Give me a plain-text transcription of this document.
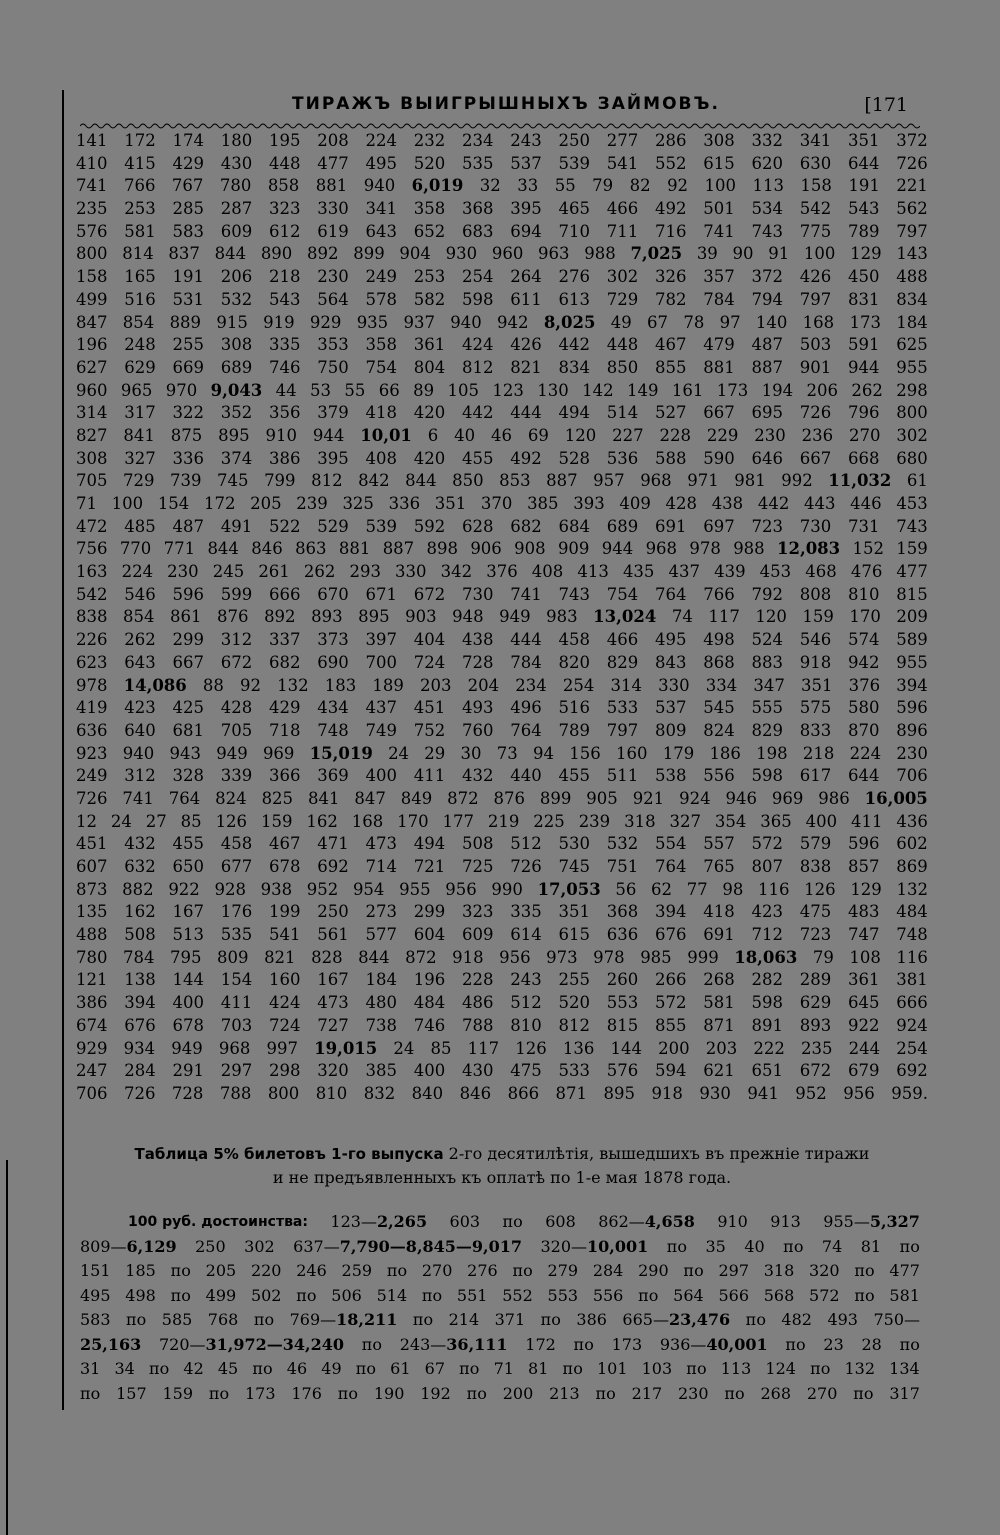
ТИРАЖЪ ВЫИГРЫШНЫХЪ ЗАЙМОВЪ.	[171
141 172 174 180 195 208 224 232 234 243 250 277 286 308 332 341 351 372
410 415 429 430 448 477 495 520 535 537 539 541 552 615 620 630 644 726
741 766 767 780 858 881 940 6,019 32 33 55 79 82 92 100 113 158 191 221
235 253 285 287 323 330 341 358 368 395 465 466 492 501 534 542 543 562
576 581 583 609 612 619 643 652 683 694 710 711 716 741 743 775 789 797
800 814 837 844 890 892 899 904 930 960 963 988 7,025 39 90 91 100 129 143
158 165 191 206 218 230 249 253 254 264 276 302 326 357 372 426 450 488
499 516 531 532 543 564 578 582 598 611 613 729 782 784 794 797 831 834
847 854 889 915 919 929 935 937 940 942 8,025 49 67 78 97 140 168 173 184
196 248 255 308 335 353 358 361 424 426 442 448 467 479 487 503 591 625
627 629 669 689 746 750 754 804 812 821 834 850 855 881 887 901 944 955
960 965 970 9,043 44 53 55 66 89 105 123 130 142 149 161 173 194 206 262 298
314 317 322 352 356 379 418 420 442 444 494 514 527 667 695 726 796 800
827 841 875 895 910 944 10,01 6 40 46 69 120 227 228 229 230 236 270 302
308 327 336 374 386 395 408 420 455 492 528 536 588 590 646 667 668 680
705 729 739 745 799 812 842 844 850 853 887 957 968 971 981 992 11,032 61
71 100 154 172 205 239 325 336 351 370 385 393 409 428 438 442 443 446 453
472 485 487 491 522 529 539 592 628 682 684 689 691 697 723 730 731 743
756 770 771 844 846 863 881 887 898 906 908 909 944 968 978 988 12,083 152 159
163 224 230 245 261 262 293 330 342 376 408 413 435 437 439 453 468 476 477
542 546 596 599 666 670 671 672 730 741 743 754 764 766 792 808 810 815
838 854 861 876 892 893 895 903 948 949 983 13,024 74 117 120 159 170 209
226 262 299 312 337 373 397 404 438 444 458 466 495 498 524 546 574 589
623 643 667 672 682 690 700 724 728 784 820 829 843 868 883 918 942 955
978 14,086 88 92 132 183 189 203 204 234 254 314 330 334 347 351 376 394
419 423 425 428 429 434 437 451 493 496 516 533 537 545 555 575 580 596
636 640 681 705 718 748 749 752 760 764 789 797 809 824 829 833 870 896
923 940 943 949 969 15,019 24 29 30 73 94 156 160 179 186 198 218 224 230
249 312 328 339 366 369 400 411 432 440 455 511 538 556 598 617 644 706
726 741 764 824 825 841 847 849 872 876 899 905 921 924 946 969 986 16,005
12 24 27 85 126 159 162 168 170 177 219 225 239 318 327 354 365 400 411 436
451 432 455 458 467 471 473 494 508 512 530 532 554 557 572 579 596 602
607 632 650 677 678 692 714 721 725 726 745 751 764 765 807 838 857 869
873 882 922 928 938 952 954 955 956 990 17,053 56 62 77 98 116 126 129 132
135 162 167 176 199 250 273 299 323 335 351 368 394 418 423 475 483 484
488 508 513 535 541 561 577 604 609 614 615 636 676 691 712 723 747 748
780 784 795 809 821 828 844 872 918 956 973 978 985 999 18,063 79 108 116
121 138 144 154 160 167 184 196 228 243 255 260 266 268 282 289 361 381
386 394 400 411 424 473 480 484 486 512 520 553 572 581 598 629 645 666
674 676 678 703 724 727 738 746 788 810 812 815 855 871 891 893 922 924
929 934 949 968 997 19,015 24 85 117 126 136 144 200 203 222 235 244 254
247 284 291 297 298 320 385 400 430 475 533 576 594 621 651 672 679 692
706 726 728 788 800 810 832 840 846 866 871 895 918 930 941 952 956 959.
Таблица 5% билетовъ 1-го выпуска 2-го десятилѣтія, вышедшихъ въ прежніе тиражи
и не предъявленныхъ къ оплатѣ по 1-е мая 1878 года.
100 руб. достоинства: 123—2,265 603 по 608 862—4,658 910 913 955—5,327
809—6,129 250 302 637—7,790—8,845—9,017 320—10,001 по 35 40 по 74 81 по
151 185 по 205 220 246 259 по 270 276 по 279 284 290 по 297 318 320 по 477
495 498 по 499 502 по 506 514 по 551 552 553 556 по 564 566 568 572 по 581
583 по 585 768 по 769—18,211 по 214 371 по 386 665—23,476 по 482 493 750—
25,163 720—31,972—34,240 по 243—36,111 172 по 173 936—40,001 по 23 28 по
31 34 по 42 45 по 46 49 по 61 67 по 71 81 по 101 103 по 113 124 по 132 134
по 157 159 по 173 176 по 190 192 по 200 213 по 217 230 по 268 270 по 317
